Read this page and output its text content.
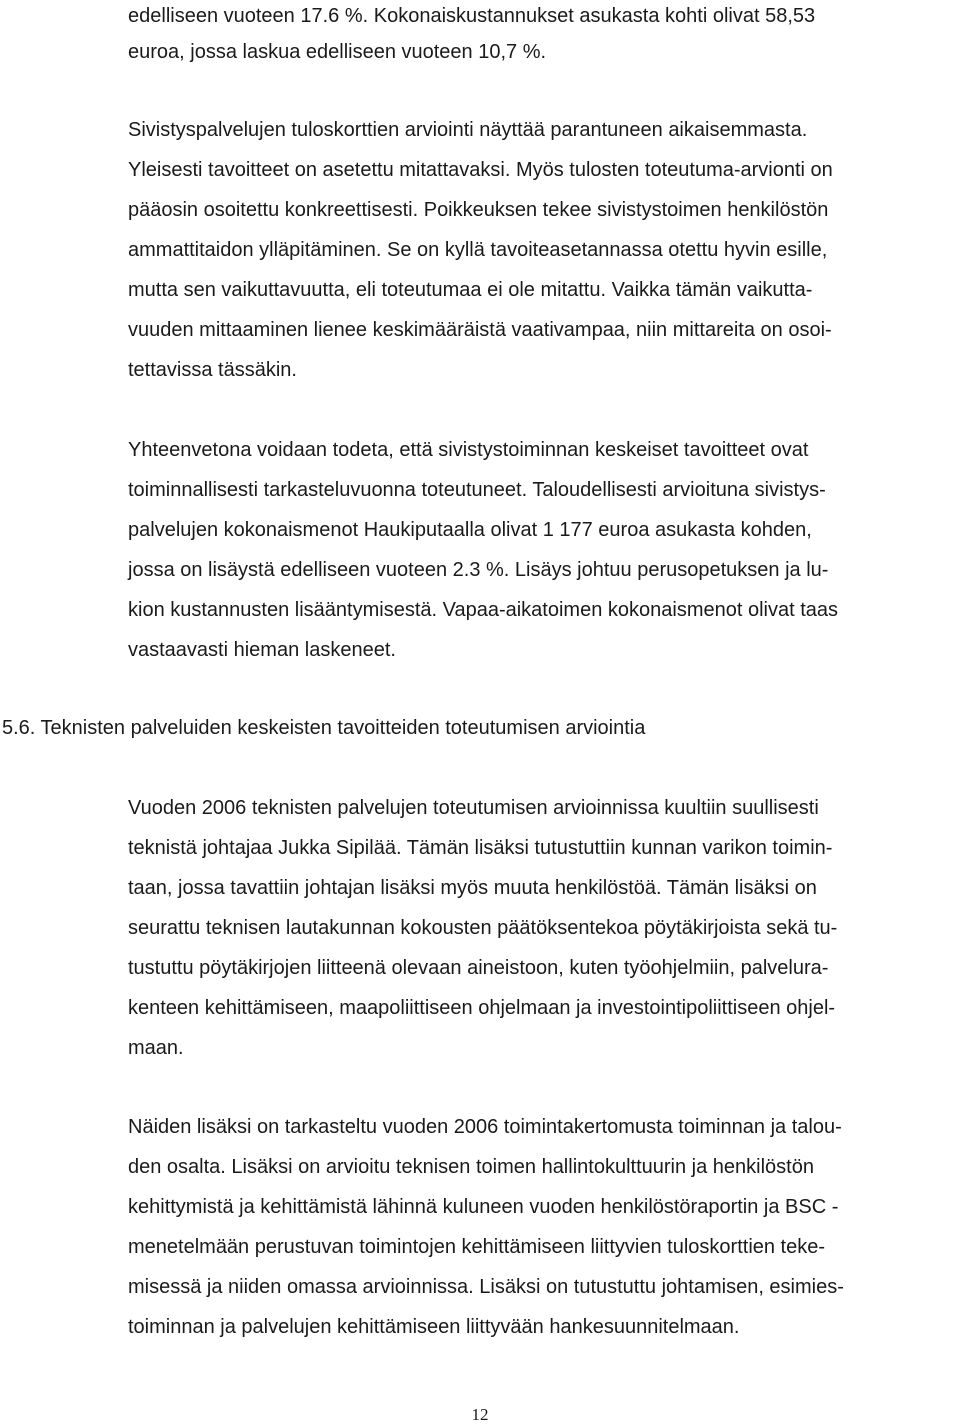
edelliseen vuoteen 17.6 %. Kokonaiskustannukset asukasta kohti olivat 58,53
euroa, jossa laskua edelliseen vuoteen 10,7 %.
Sivistyspalvelujen tuloskorttien arviointi näyttää parantuneen aikaisemmasta.
Yleisesti tavoitteet on asetettu mitattavaksi. Myös tulosten toteutuma-arvionti on
pääosin osoitettu konkreettisesti. Poikkeuksen tekee sivistystoimen henkilöstön
ammattitaidon ylläpitäminen. Se on kyllä tavoiteasetannassa otettu hyvin esille,
mutta sen vaikuttavuutta, eli toteutumaa ei ole mitattu. Vaikka tämän vaikutta-
vuuden mittaaminen lienee keskimääräistä vaativampaa, niin mittareita on osoi-
tettavissa tässäkin.
Yhteenvetona voidaan todeta, että sivistystoiminnan keskeiset tavoitteet ovat
toiminnallisesti tarkasteluvuonna toteutuneet. Taloudellisesti arvioituna sivistys-
palvelujen kokonaismenot Haukiputaalla olivat 1 177 euroa asukasta kohden,
jossa on lisäystä edelliseen vuoteen 2.3 %. Lisäys johtuu perusopetuksen ja lu-
kion kustannusten lisääntymisestä. Vapaa-aikatoimen kokonaismenot olivat taas
vastaavasti hieman laskeneet.
5.6. Teknisten palveluiden keskeisten tavoitteiden toteutumisen arviointia
Vuoden 2006 teknisten palvelujen toteutumisen arvioinnissa kuultiin suullisesti
teknistä johtajaa Jukka Sipilää. Tämän lisäksi tutustuttiin kunnan varikon toimin-
taan, jossa tavattiin johtajan lisäksi myös muuta henkilöstöä. Tämän lisäksi on
seurattu teknisen lautakunnan kokousten päätöksentekoa pöytäkirjoista sekä tu-
tustuttu pöytäkirjojen liitteenä olevaan aineistoon, kuten työohjelmiin, palvelura-
kenteen kehittämiseen, maapoliittiseen ohjelmaan ja investointipoliittiseen ohjel-
maan.
Näiden lisäksi on tarkasteltu vuoden 2006 toimintakertomusta toiminnan ja talou-
den osalta. Lisäksi on arvioitu teknisen toimen hallintokulttuurin ja henkilöstön
kehittymistä ja kehittämistä lähinnä kuluneen vuoden henkilöstöraportin ja BSC -
menetelmään perustuvan toimintojen kehittämiseen liittyvien tuloskorttien teke-
misessä ja niiden omassa arvioinnissa. Lisäksi on tutustuttu johtamisen, esimies-
toiminnan ja palvelujen kehittämiseen liittyvään hankesuunnitelmaan.
12
